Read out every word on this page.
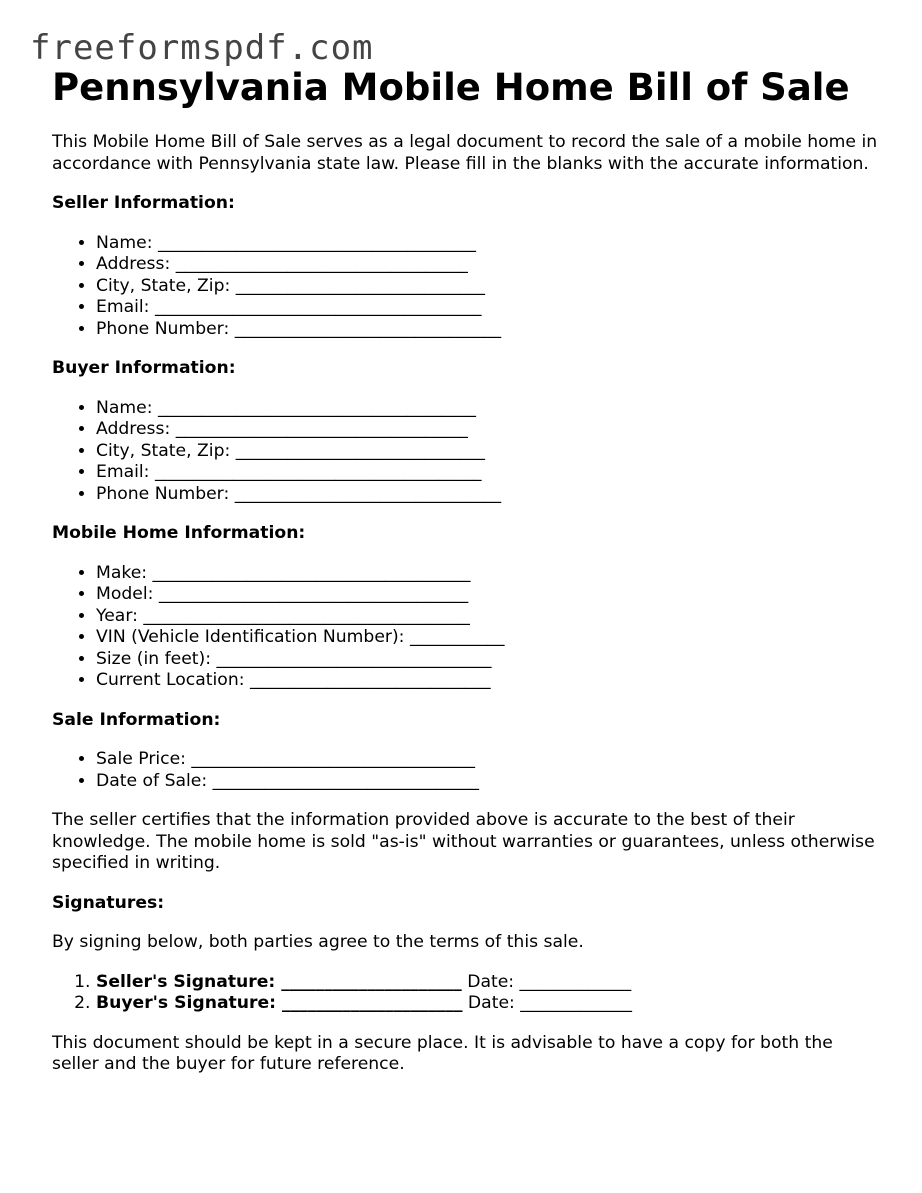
freeformspdf.com
Pennsylvania Mobile Home Bill of Sale

This Mobile Home Bill of Sale serves as a legal document to record the sale of a mobile home in accordance with Pennsylvania state law. Please fill in the blanks with the accurate information.

Seller Information:

• Name: _____________________________________
• Address: __________________________________
• City, State, Zip: _____________________________
• Email: ______________________________________
• Phone Number: _______________________________

Buyer Information:

• Name: _____________________________________
• Address: __________________________________
• City, State, Zip: _____________________________
• Email: ______________________________________
• Phone Number: _______________________________

Mobile Home Information:

• Make: _____________________________________
• Model: ____________________________________
• Year: ______________________________________
• VIN (Vehicle Identification Number): ___________
• Size (in feet): ________________________________
• Current Location: ____________________________

Sale Information:

• Sale Price: _________________________________
• Date of Sale: _______________________________

The seller certifies that the information provided above is accurate to the best of their knowledge. The mobile home is sold "as-is" without warranties or guarantees, unless otherwise specified in writing.

Signatures:

By signing below, both parties agree to the terms of this sale.

1. Seller's Signature: _____________________ Date: _____________
2. Buyer's Signature: _____________________ Date: _____________

This document should be kept in a secure place. It is advisable to have a copy for both the seller and the buyer for future reference.
